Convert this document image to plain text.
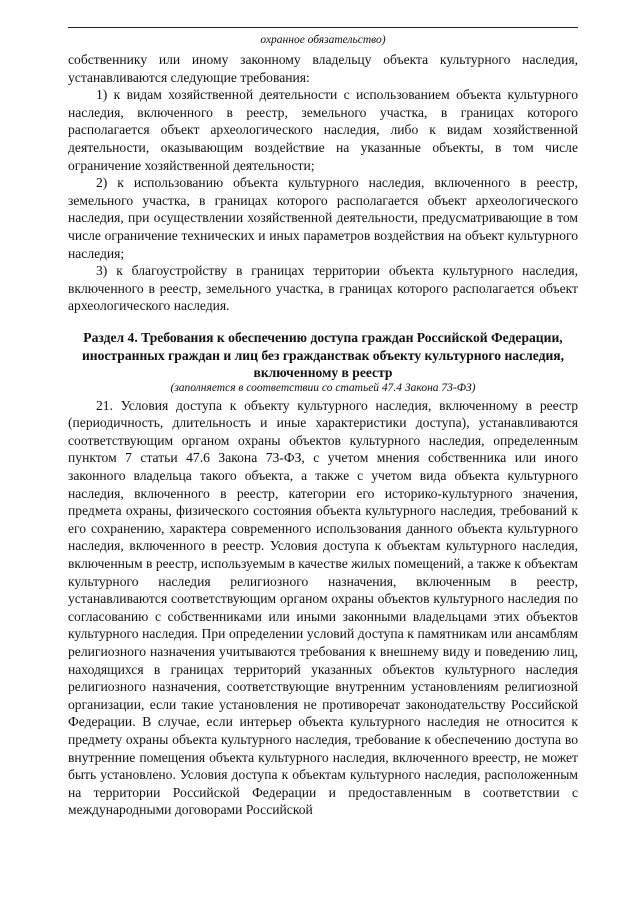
охранное обязательство)

собственнику или иному законному владельцу объекта культурного наследия, устанавливаются следующие требования:

1) к видам хозяйственной деятельности с использованием объекта культурного наследия, включенного в реестр, земельного участка, в границах которого располагается объект археологического наследия, либо к видам хозяйственной деятельности, оказывающим воздействие на указанные объекты, в том числе ограничение хозяйственной деятельности;

2) к использованию объекта культурного наследия, включенного в реестр, земельного участка, в границах которого располагается объект археологического наследия, при осуществлении хозяйственной деятельности, предусматривающие в том числе ограничение технических и иных параметров воздействия на объект культурного наследия;

3) к благоустройству в границах территории объекта культурного наследия, включенного в реестр, земельного участка, в границах которого располагается объект археологического наследия.

Раздел 4. Требования к обеспечению доступа граждан Российской Федерации, иностранных граждан и лиц без гражданствак объекту культурного наследия, включенному в реестр
(заполняется в соответствии со статьей 47.4 Закона 73-ФЗ)

21. Условия доступа к объекту культурного наследия, включенному в реестр (периодичность, длительность и иные характеристики доступа), устанавливаются соответствующим органом охраны объектов культурного наследия, определенным пунктом 7 статьи 47.6 Закона 73-ФЗ, с учетом мнения собственника или иного законного владельца такого объекта, а также с учетом вида объекта культурного наследия, включенного в реестр, категории его историко-культурного значения, предмета охраны, физического состояния объекта культурного наследия, требований к его сохранению, характера современного использования данного объекта культурного наследия, включенного в реестр. Условия доступа к объектам культурного наследия, включенным в реестр, используемым в качестве жилых помещений, а также к объектам культурного наследия религиозного назначения, включенным в реестр, устанавливаются соответствующим органом охраны объектов культурного наследия по согласованию с собственниками или иными законными владельцами этих объектов культурного наследия. При определении условий доступа к памятникам или ансамблям религиозного назначения учитываются требования к внешнему виду и поведению лиц, находящихся в границах территорий указанных объектов культурного наследия религиозного назначения, соответствующие внутренним установлениям религиозной организации, если такие установления не противоречат законодательству Российской Федерации. В случае, если интерьер объекта культурного наследия не относится к предмету охраны объекта культурного наследия, требование к обеспечению доступа во внутренние помещения объекта культурного наследия, включенного вреестр, не может быть установлено. Условия доступа к объектам культурного наследия, расположенным на территории Российской Федерации и предоставленным в соответствии с международными договорами Российской
